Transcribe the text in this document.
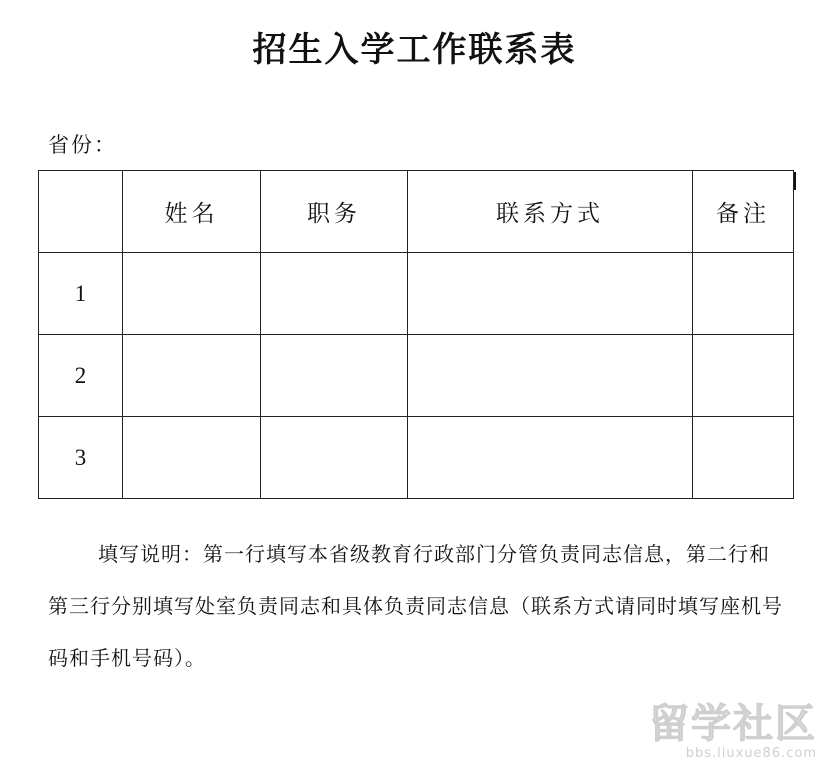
招生入学工作联系表
省份：
	姓名	职务	联系方式	备注
1				
2				
3				
填写说明：第一行填写本省级教育行政部门分管负责同志信息，第二行和第三行分别填写处室负责同志和具体负责同志信息（联系方式请同时填写座机号码和手机号码）。
留学社区
bbs.liuxue86.com
